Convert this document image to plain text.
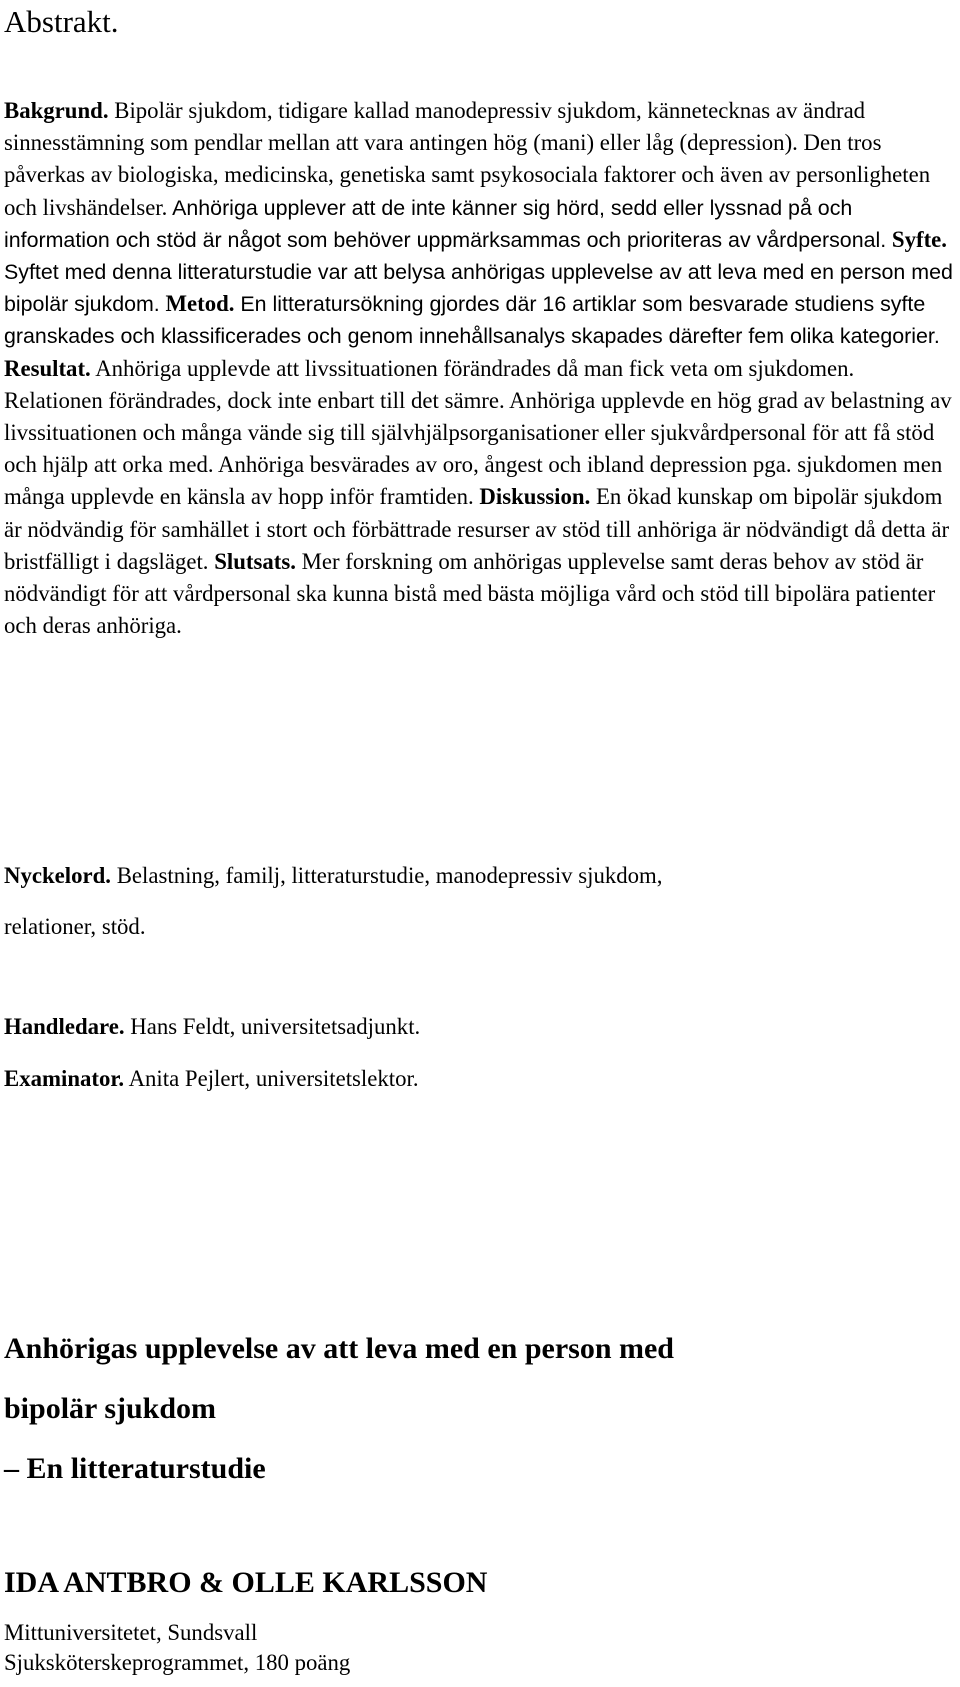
Abstrakt.

Bakgrund. Bipolär sjukdom, tidigare kallad manodepressiv sjukdom, kännetecknas av ändrad sinnesstämning som pendlar mellan att vara antingen hög (mani) eller låg (depression). Den tros påverkas av biologiska, medicinska, genetiska samt psykosociala faktorer och även av personligheten och livshändelser. Anhöriga upplever att de inte känner sig hörd, sedd eller lyssnad på och information och stöd är något som behöver uppmärksammas och prioriteras av vårdpersonal. Syfte. Syftet med denna litteraturstudie var att belysa anhörigas upplevelse av att leva med en person med bipolär sjukdom. Metod. En litteratursökning gjordes där 16 artiklar som besvarade studiens syfte granskades och klassificerades och genom innehållsanalys skapades därefter fem olika kategorier. Resultat. Anhöriga upplevde att livssituationen förändrades då man fick veta om sjukdomen. Relationen förändrades, dock inte enbart till det sämre. Anhöriga upplevde en hög grad av belastning av livssituationen och många vände sig till självhjälpsorganisationer eller sjukvårdpersonal för att få stöd och hjälp att orka med. Anhöriga besvärades av oro, ångest och ibland depression pga. sjukdomen men många upplevde en känsla av hopp inför framtiden. Diskussion. En ökad kunskap om bipolär sjukdom är nödvändig för samhället i stort och förbättrade resurser av stöd till anhöriga är nödvändigt då detta är bristfälligt i dagsläget. Slutsats. Mer forskning om anhörigas upplevelse samt deras behov av stöd är nödvändigt för att vårdpersonal ska kunna bistå med bästa möjliga vård och stöd till bipolära patienter och deras anhöriga.

Nyckelord. Belastning, familj, litteraturstudie, manodepressiv sjukdom,

relationer, stöd.

Handledare. Hans Feldt, universitetsadjunkt.

Examinator. Anita Pejlert, universitetslektor.

Anhörigas upplevelse av att leva med en person med
bipolär sjukdom
– En litteraturstudie
IDA ANTBRO & OLLE KARLSSON

Mittuniversitetet, Sundsvall

Sjuksköterskeprogrammet, 180 poäng
